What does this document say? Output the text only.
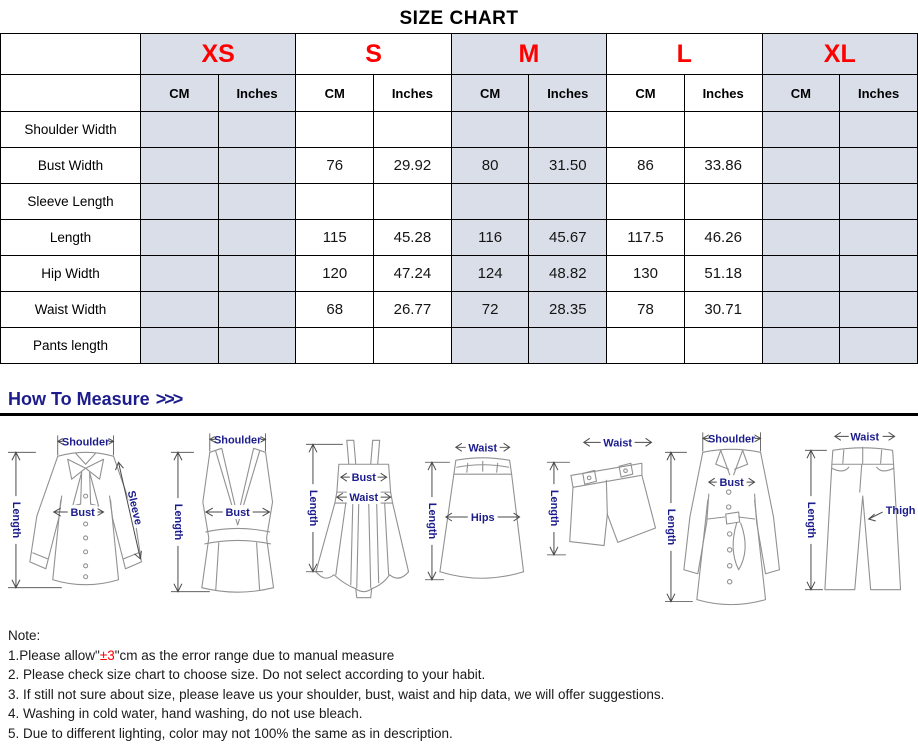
SIZE CHART
	XS		S		M		L		XL	
	CM	Inches	CM	Inches	CM	Inches	CM	Inches	CM	Inches
Shoulder Width										
Bust Width			76	29.92	80	31.50	86	33.86		
Sleeve Length										
Length			115	45.28	116	45.67	117.5	46.26		
Hip Width			120	47.24	124	48.82	130	51.18		
Waist Width			68	26.77	72	28.35	78	30.71		
Pants length										
How To Measure >>>
Shoulder
Bust	Sleeve
Length
Shoulder
Bust
Length
Bust
Waist
Length
Waist
Hips
Length
Waist
Length
Shoulder
Bust
Length
Waist
Thigh
Length
Note:
1.Please allow"±3"cm as the error range due to manual measure
2. Please check size chart to choose size. Do not select according to your habit.
3. If still not sure about size, please leave us your shoulder, bust, waist and hip data, we will offer suggestions.
4. Washing in cold water, hand washing, do not use bleach.
5. Due to different lighting, color may not 100% the same as in description.
